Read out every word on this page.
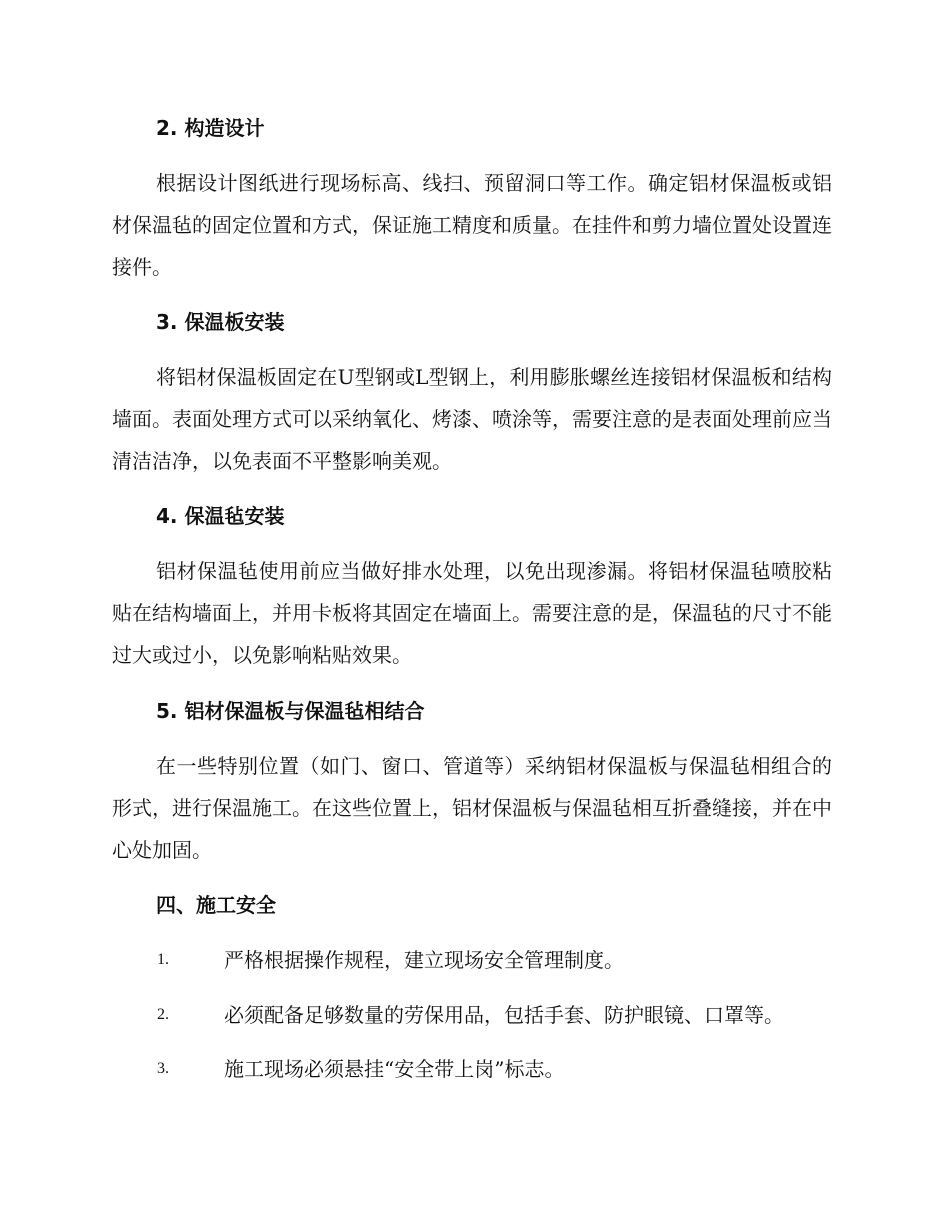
2. 构造设计

根据设计图纸进行现场标高、线扫、预留洞口等工作。确定铝材保温板或铝材保温毡的固定位置和方式，保证施工精度和质量。在挂件和剪力墙位置处设置连接件。

3. 保温板安装

将铝材保温板固定在U型钢或L型钢上，利用膨胀螺丝连接铝材保温板和结构墙面。表面处理方式可以采纳氧化、烤漆、喷涂等，需要注意的是表面处理前应当清洁洁净，以免表面不平整影响美观。

4. 保温毡安装

铝材保温毡使用前应当做好排水处理，以免出现渗漏。将铝材保温毡喷胶粘贴在结构墙面上，并用卡板将其固定在墙面上。需要注意的是，保温毡的尺寸不能过大或过小，以免影响粘贴效果。

5. 铝材保温板与保温毡相结合

在一些特别位置（如门、窗口、管道等）采纳铝材保温板与保温毡相组合的形式，进行保温施工。在这些位置上，铝材保温板与保温毡相互折叠缝接，并在中心处加固。

四、施工安全
1.	严格根据操作规程，建立现场安全管理制度。
2.	必须配备足够数量的劳保用品，包括手套、防护眼镜、口罩等。
3.	施工现场必须悬挂“安全带上岗”标志。
